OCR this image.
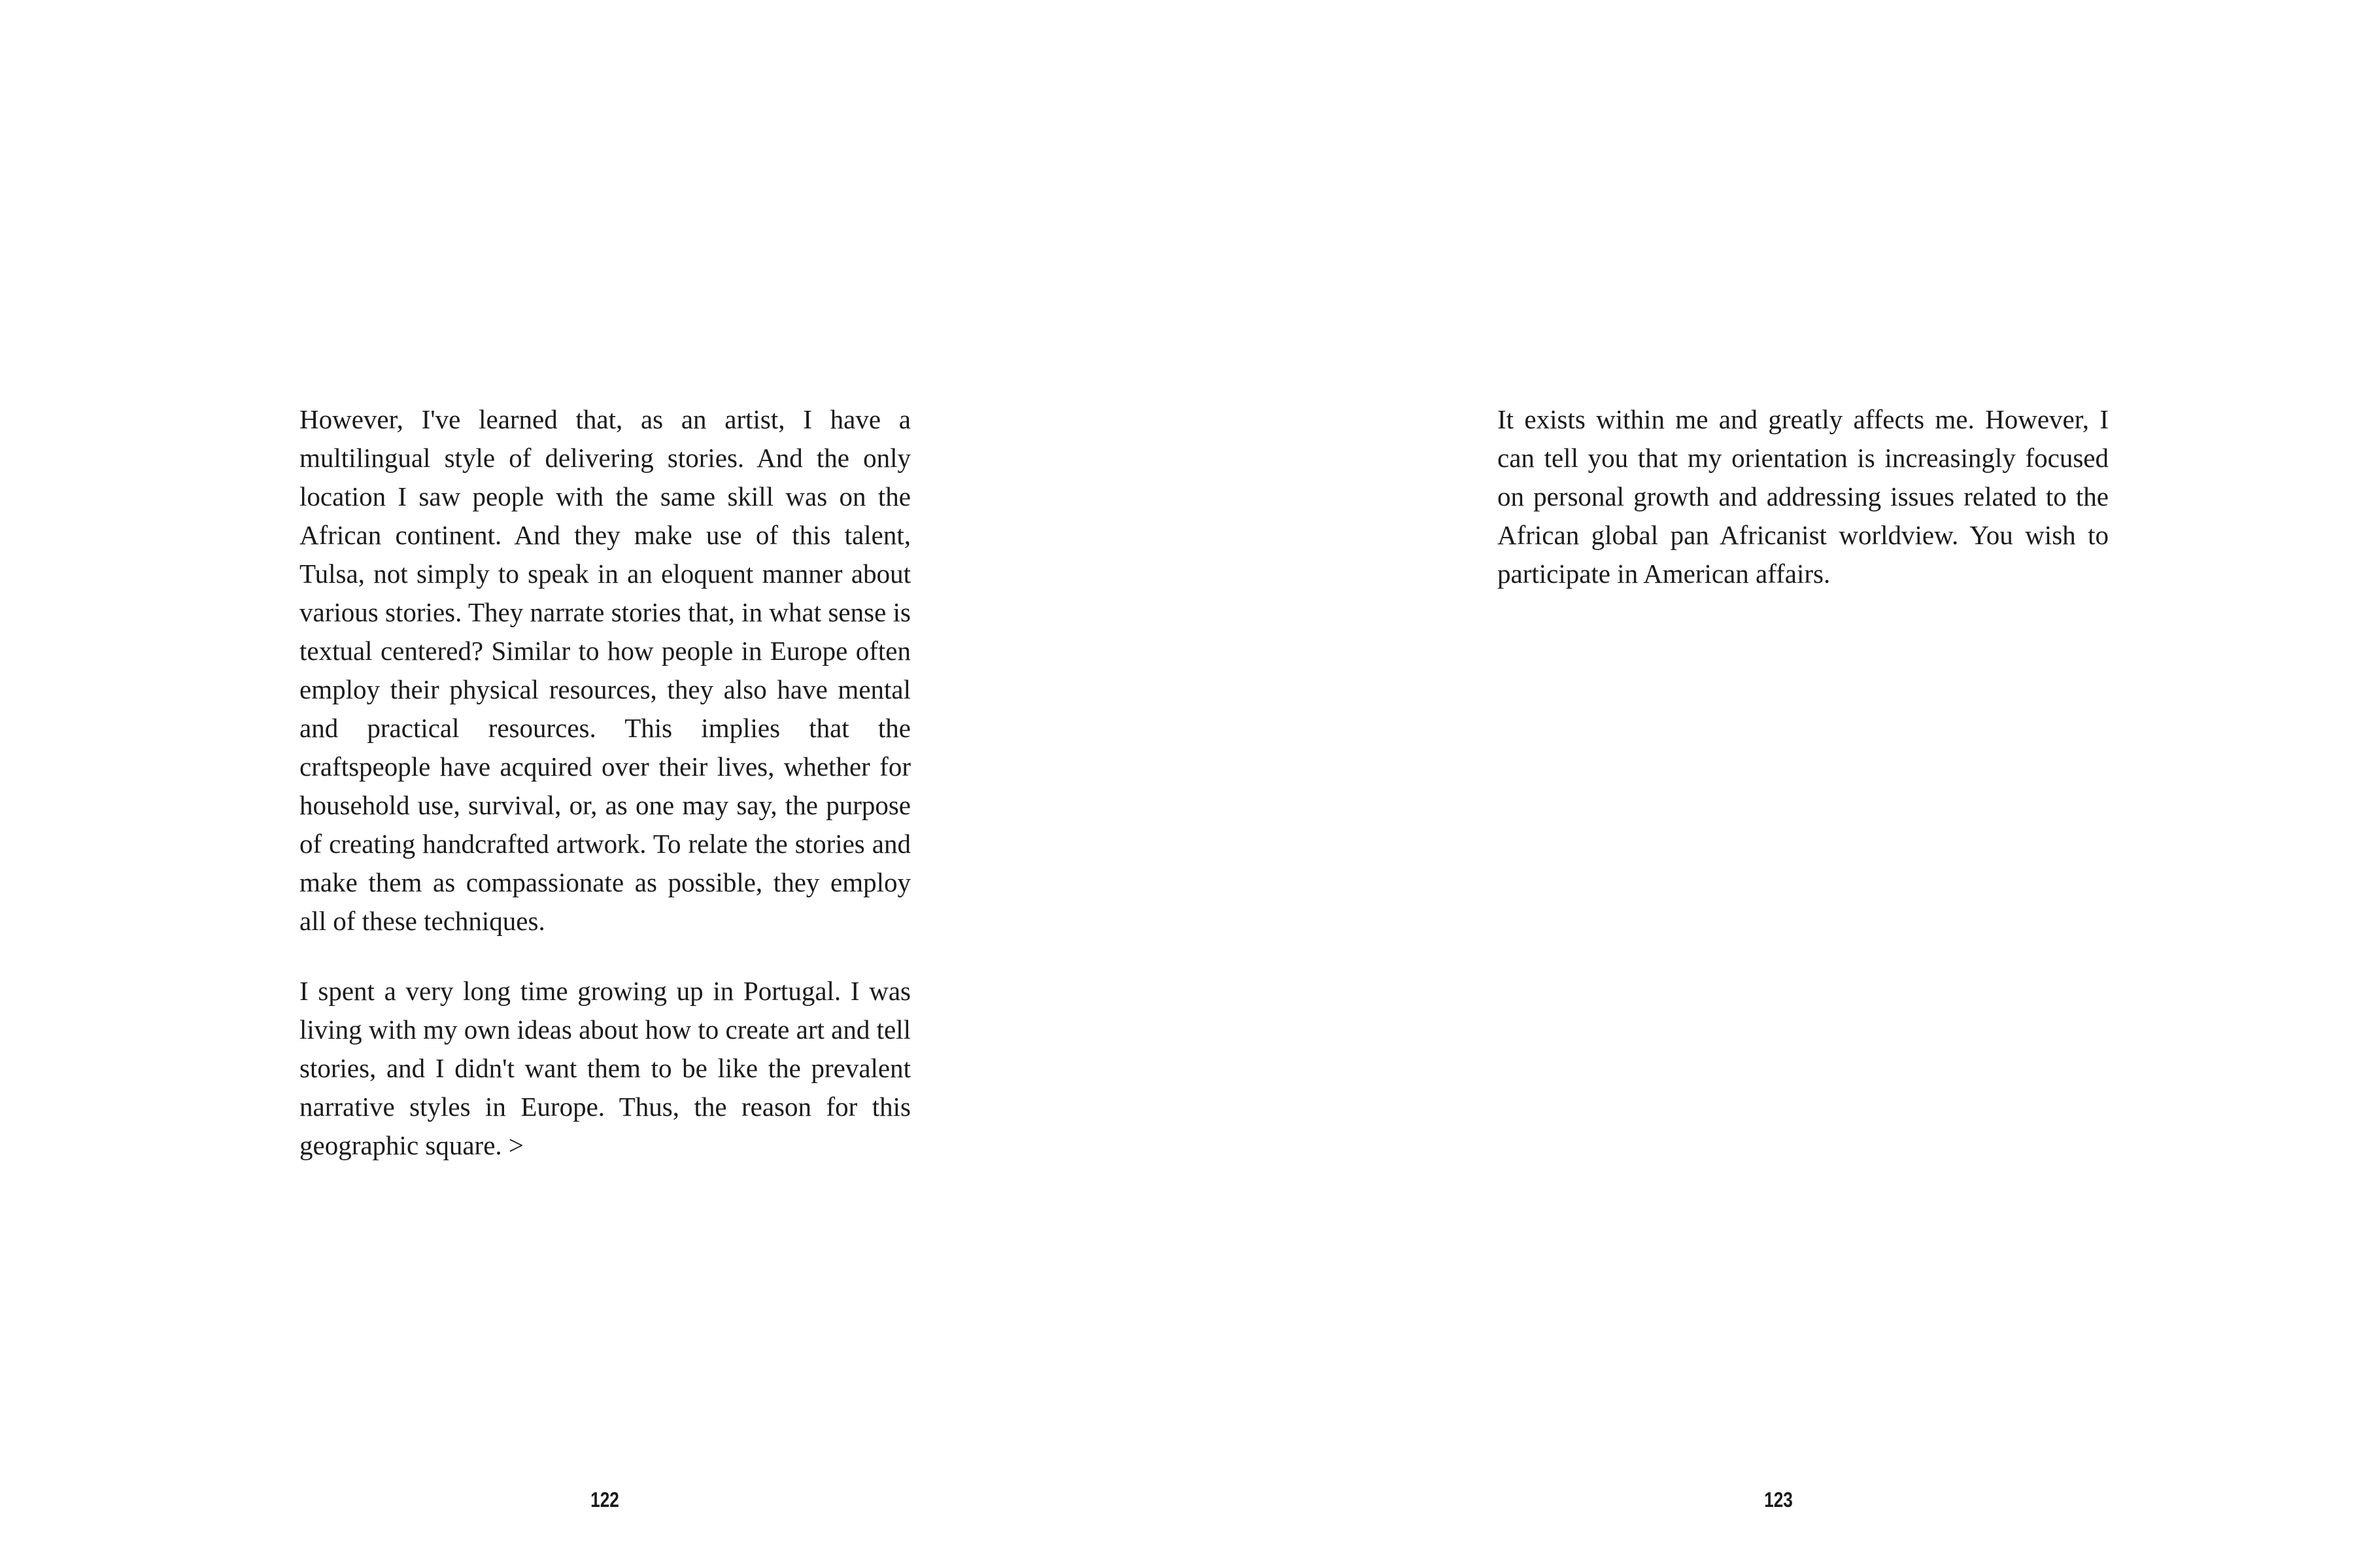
However, I've learned that, as an artist, I have a multilingual style of delivering stories. And the only location I saw people with the same skill was on the African continent. And they make use of this talent, Tulsa, not simply to speak in an eloquent manner about various stories. They narrate stories that, in what sense is textual centered? Similar to how people in Europe often employ their physical resources, they also have mental and practical resources. This implies that the craftspeople have acquired over their lives, whether for household use, survival, or, as one may say, the purpose of creating handcrafted artwork. To relate the stories and make them as compassionate as possible, they employ all of these techniques.

I spent a very long time growing up in Portugal. I was living with my own ideas about how to create art and tell stories, and I didn't want them to be like the prevalent narrative styles in Europe. Thus, the reason for this geographic square. >

122

It exists within me and greatly affects me. However, I can tell you that my orientation is increasingly focused on personal growth and addressing issues related to the African global pan Africanist worldview. You wish to participate in American affairs.

123
